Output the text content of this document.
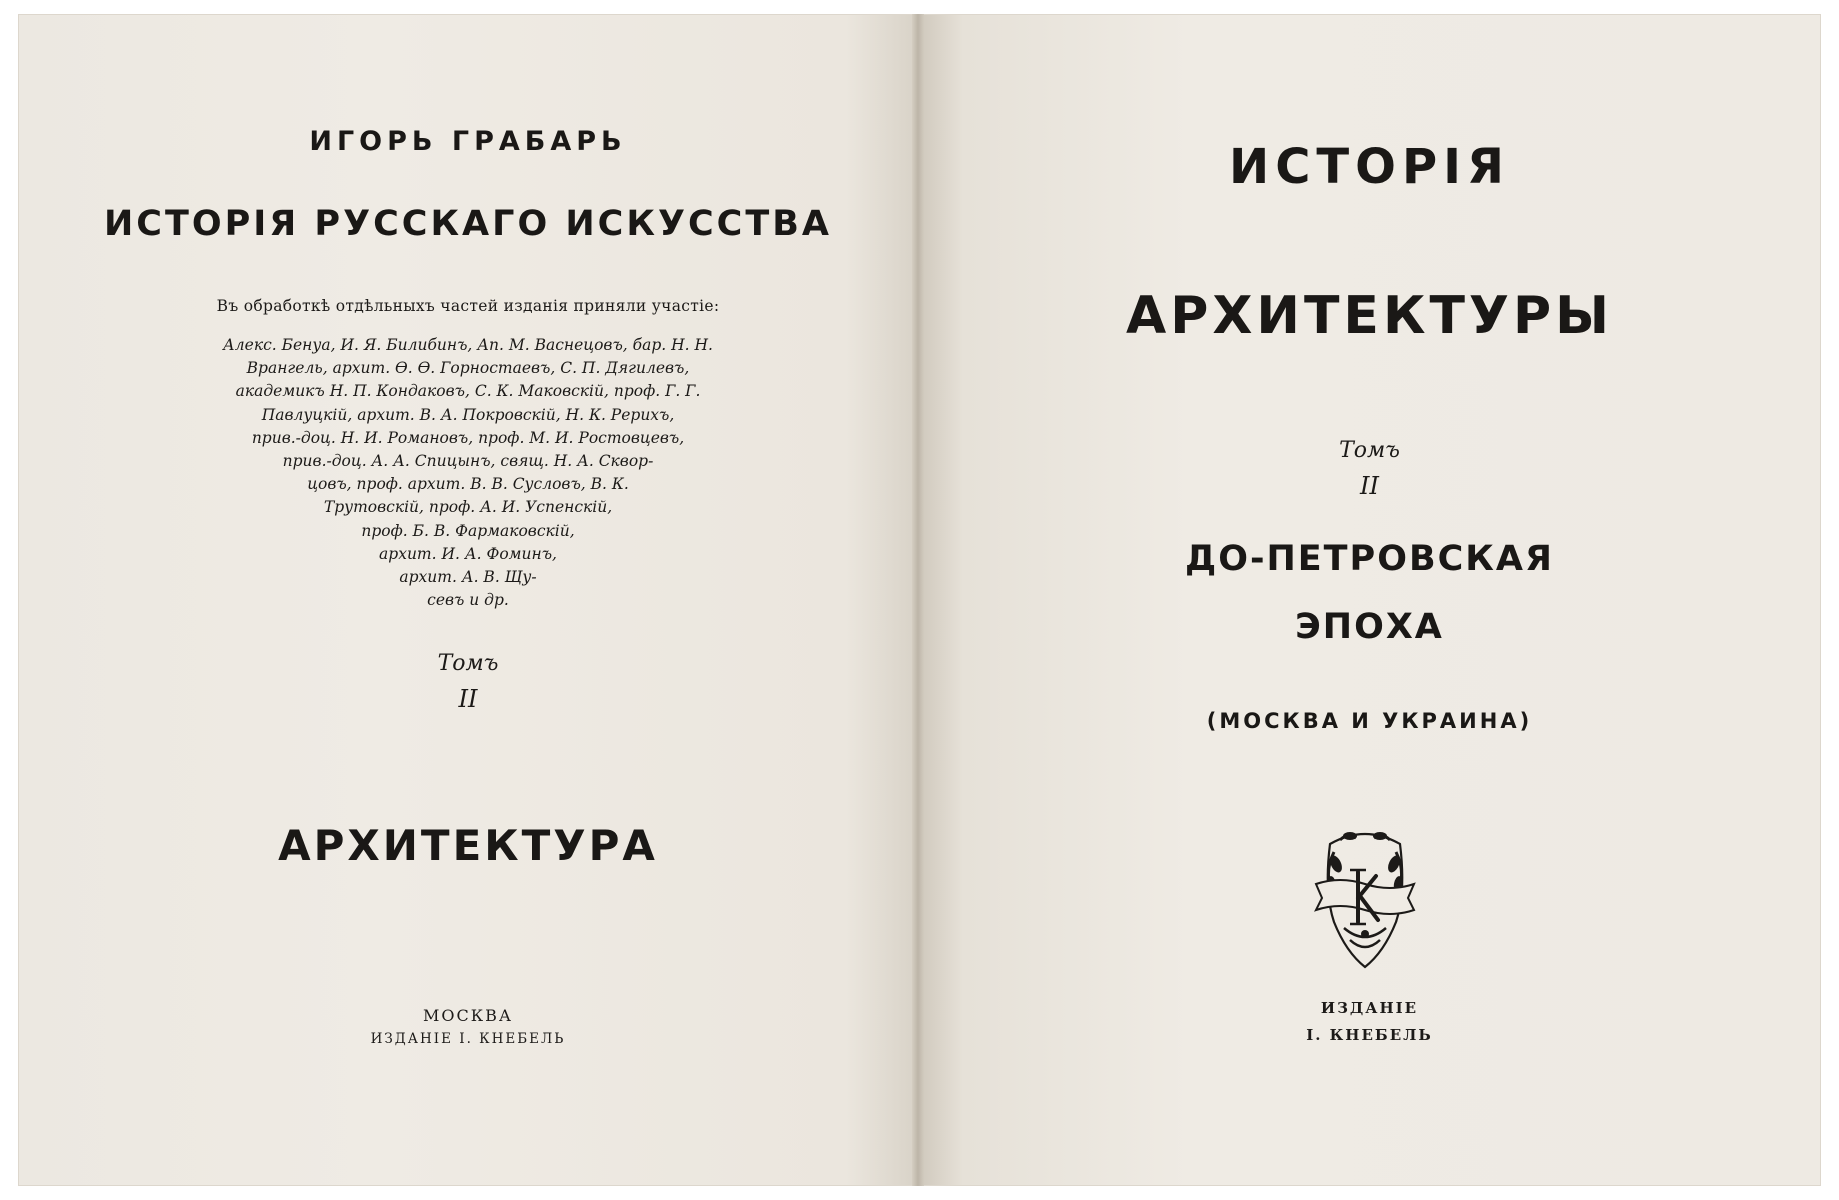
ИГОРЬ ГРАБАРЬ
ИСТОРІЯ РУССКАГО ИСКУССТВА
Въ обработкѣ отдѣльныхъ частей изданія приняли участіе:
Алекс. Бенуа, И. Я. Билибинъ, Ап. М. Васнецовъ, бар. Н. Н.
Врангель, архит. Ѳ. Ѳ. Горностаевъ, С. П. Дягилевъ,
академикъ Н. П. Кондаковъ, С. К. Маковскій, проф. Г. Г.
Павлуцкій, архит. В. А. Покровскій, Н. К. Рерихъ,
прив.-доц. Н. И. Романовъ, проф. М. И. Ростовцевъ,
прив.-доц. А. А. Спицынъ, свящ. Н. А. Сквор-
цовъ, проф. архит. В. В. Сусловъ, В. К.
Трутовскій, проф. А. И. Успенскій,
проф. Б. В. Фармаковскій,
архит. И. А. Фоминъ,
архит. А. В. Щу-
севъ и др.
Томъ
II
АРХИТЕКТУРА
МОСКВА
ИЗДАНІЕ І. КНЕБЕЛЬ
ИСТОРІЯ
АРХИТЕКТУРЫ
Томъ
II
ДО-ПЕТРОВСКАЯ
ЭПОХА
(МОСКВА И УКРАИНА)
ИЗДАНІЕ
І. КНЕБЕЛЬ
